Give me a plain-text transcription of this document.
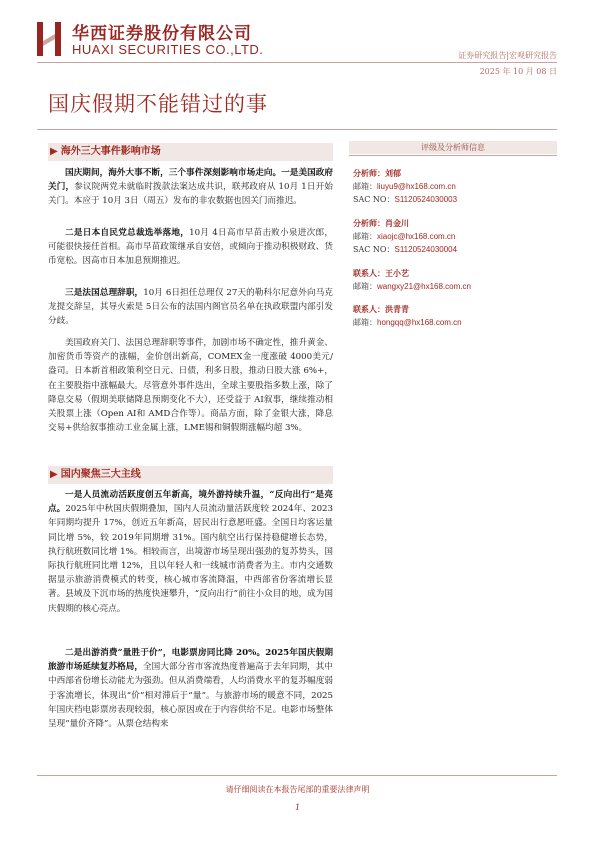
华西证券股份有限公司
HUAXI SECURITIES CO.,LTD.	证券研究报告|宏观研究报告
2025 年 10 月 08 日
国庆假期不能错过的事
▶ 海外三大事件影响市场

国庆期间，海外大事不断，三个事件深刻影响市场走向。一是美国政府关门，参议院两党未就临时拨款法案达成共识，联邦政府从 10月 1日开始关门。本应于 10月 3日（周五）发布的非农数据也因关门而推迟。

二是日本自民党总裁选举落地，10月 4日高市早苗击败小泉进次郎，可能很快接任首相。高市早苗政策继承自安倍，或倾向于推动积极财政、货币宽松。因高市日本加息预期推迟。

三是法国总理辞职，10月 6日担任总理仅 27天的勒科尔尼意外向马克龙提交辞呈，其导火索是 5日公布的法国内阁官员名单在执政联盟内部引发分歧。

美国政府关门、法国总理辞职等事件，加剧市场不确定性，推升黄金、加密货币等资产的涨幅，金价创出新高，COMEX金一度涨破 4000美元/盎司。日本新首相政策利空日元、日债，利多日股，推动日股大涨 6%+，在主要股指中涨幅最大。尽管意外事件迭出，全球主要股指多数上涨，除了降息交易（假期美联储降息预期变化不大），还受益于 AI叙事，继续推动相关股票上涨（Open AI和 AMD合作等）。商品方面，除了金银大涨，降息交易+供给叙事推动工业金属上涨，LME锡和铜假期涨幅均超 3%。

▶ 国内聚焦三大主线

一是人员流动活跃度创五年新高，境外游持续升温，“反向出行”是亮点。2025年中秋国庆假期叠加，国内人员流动量活跃度较 2024年、2023年同期均提升 17%，创近五年新高，居民出行意愿旺盛。全国日均客运量同比增 5%，较 2019年同期增 31%。国内航空出行保持稳健增长态势，执行航班数同比增 1%。相较而言，出境游市场呈现出强劲的复苏势头，国际执行航班同比增 12%，且以年轻人和一线城市消费者为主。市内交通数据显示旅游消费模式的转变，核心城市客流降温，中西部省份客流增长显著。县域及下沉市场的热度快速攀升，“反向出行”前往小众目的地，成为国庆假期的核心亮点。

二是出游消费“量胜于价”，电影票房同比降 20%。2025年国庆假期旅游市场延续复苏格局，全国大部分省市客流热度普遍高于去年同期，其中中西部省份增长动能尤为强劲。但从消费端看，人均消费水平的复苏幅度弱于客流增长，体现出“价”相对滞后于“量”。与旅游市场的暖意不同，2025年国庆档电影票房表现较弱，核心原因或在于内容供给不足。电影市场整体呈现“量价齐降”。从票仓结构来

评级及分析师信息
分析师：刘郁
邮箱：liuyu9@hx168.com.cn
SAC NO：S1120524030003
分析师：肖金川
邮箱：xiaojc@hx168.com.cn
SAC NO：S1120524030004
联系人：王小艺
邮箱：wangxy21@hx168.com.cn
联系人：洪青青
邮箱：hongqq@hx168.com.cn
请仔细阅读在本报告尾部的重要法律声明
1
